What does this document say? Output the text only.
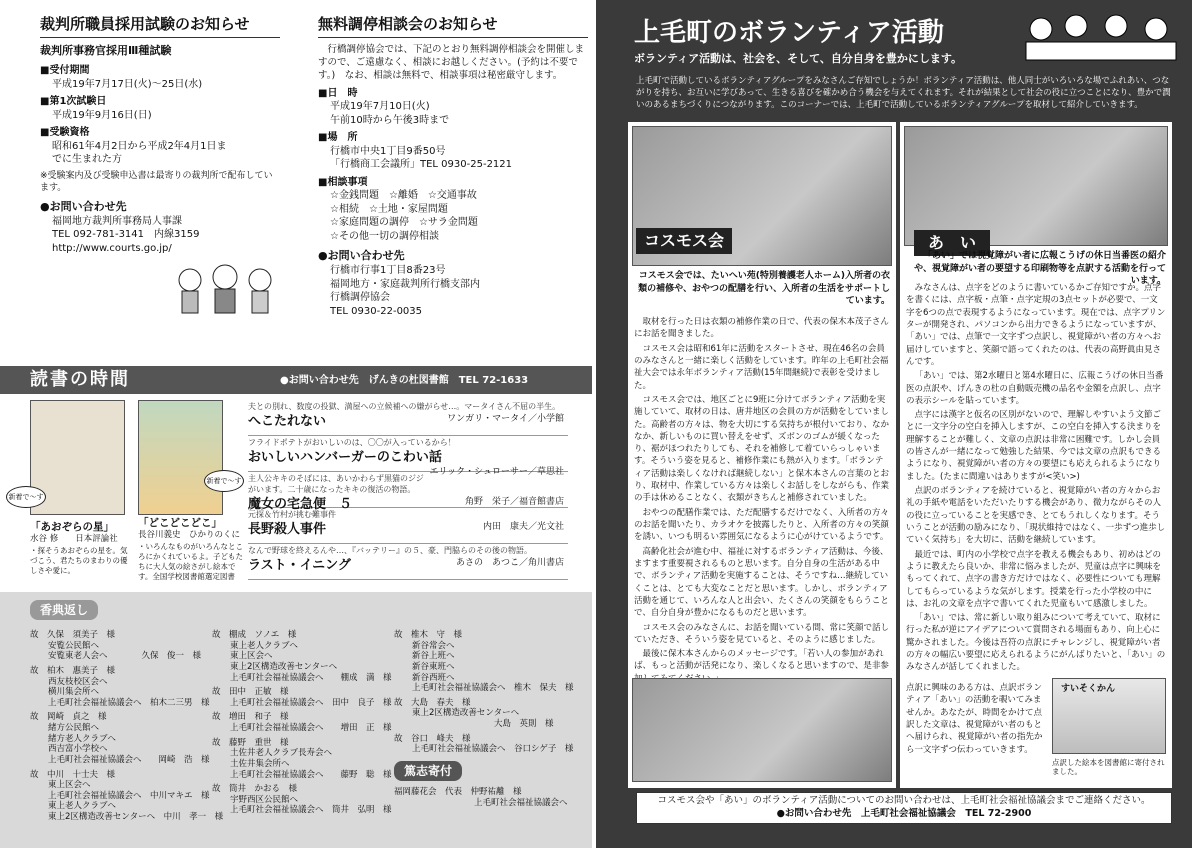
裁判所職員採用試験のお知らせ
裁判所事務官採用Ⅲ種試験
■受付期間
平成19年7月17日(火)〜25日(水)
■第1次試験日
平成19年9月16日(日)
■受験資格
昭和61年4月2日から平成2年4月1日ま
でに生まれた方
※受験案内及び受験申込書は最寄りの裁判所で配布しています。
●お問い合わせ先
福岡地方裁判所事務局人事課
TEL 092-781-3141　内線3159
http://www.courts.go.jp/
無料調停相談会のお知らせ
行橋調停協会では、下記のとおり無料調停相談会を開催しますので、ご遠慮なく、相談にお越しください。(予約は不要です。)　なお、相談は無料で、相談事項は秘密厳守します。
■日　時
平成19年7月10日(火)
午前10時から午後3時まで
■場　所
行橋市中央1丁目9番50号
「行橋商工会議所」TEL 0930-25-2121
■相談事項
☆金銭問題　☆離婚　☆交通事故
☆相続　☆土地・家屋問題
☆家庭問題の調停　☆サラ金問題
☆その他一切の調停相談
●お問い合わせ先
行橋市行事1丁目8番23号
福岡地方・家庭裁判所行橋支部内
行橋調停協会
TEL 0930-22-0035
読書の時間	●お問い合わせ先　げんきの杜図書館　TEL 72-1633
新着で〜す
新着で〜す
「あおぞらの星」
水谷 修　　日本評論社
・探そうあおぞらの星を。気づこう、君たちのまわりの優しさや愛に。
「どこどこどこ」
長谷川義史　ひかりのくに
・いろんなものがいろんなところにかくれているよ。子どもたちに大人気の絵さがし絵本です。全国学校図書館選定図書
夫との別れ、数度の投獄、満屋への立候補への嫌がらせ…。マータイさん不屈の半生。
へこたれない	ワンガリ・マータイ／小学館
フライドポテトがおいしいのは、〇〇が入っているから！
おいしいハンバーガーのこわい話
エリック・シュローサー／草思社
主人公キキのそばには、あいかわらず黒猫のジジがいます。二十歳になったキキの復活の物語。
魔女の宅急便　５	角野　栄子／福音館書店
元探＆竹村が挑む難事件
長野殺人事件	内田　康夫／光文社
なんで野球を終えるんや…、『バッテリー』の５、豪、門脇らのその後の物語。
ラスト・イニング	あさの　あつこ／角川書店
香典返し
故　久保　須美子　様
安覧公民館へ
安覧東老人会へ　　　　久保　俊一　様
故　柏木　惠美子　様
西友枝校区会へ
横川集会所へ
上毛町社会福祉協議会へ　柏木二三男　様
故　岡崎　貞之　様
緒方公民館へ
緒方老人クラブへ
西吉富小学校へ
上毛町社会福祉協議会へ　　岡崎　浩　様
故　中川　十士夫　様
東上区会へ
上毛町社会福祉協議会へ　中川マキエ　様
東上老人クラブへ
東上2区構造改善センターへ　中川　孝一　様
故　棚成　ソノエ　様
東上老人クラブへ
東上区会へ
東上2区構造改善センターへ
上毛町社会福祉協議会へ　　棚成　満　様
故　田中　正敏　様
上毛町社会福祉協議会へ　田中　良子　様
故　増田　和子　様
上毛町社会福祉協議会へ　　増田　正　様
故　藤野　重世　様
土佐井老人クラブ長寿会へ
土佐井集会所へ
上毛町社会福祉協議会へ　　藤野　聡　様
故　筒井　かおる　様
宇野西区公民館へ
上毛町社会福祉協議会へ　筒井　弘明　様
故　椎木　守　様
新谷常会へ
新谷上班へ
新谷東班へ
新谷西班へ
上毛町社会福祉協議会へ　椎木　保夫　様
故　大島　春夫　様
東上2区構造改善センターへ
大島　英則　様
故　谷口　峰夫　様
上毛町社会福祉協議会へ　谷口シゲ子　様
篤志寄付
福岡藤花会　代表　仲野祐離　様
上毛町社会福祉協議会へ
上毛町のボランティア活動
ボランティア活動は、社会を、そして、自分自身を豊かにします。
上毛町で活動しているボランティアグループをみなさんご存知でしょうか！ボランティア活動は、他人同士がいろいろな場でふれあい、つながりを持ち、お互いに学びあって、生きる喜びを確かめ合う機会を与えてくれます。それが結果として社会の役に立つことになり、豊かで潤いのあるまちづくりにつながります。このコーナーでは、上毛町で活動しているボランティアグループを取材して紹介していきます。
コスモス会
コスモス会では、たいへい苑(特別養護老人ホーム)入所者の衣類の補修や、おやつの配膳を行い、入所者の生活をサポートしています。

取材を行った日は衣類の補修作業の日で、代表の保木本茂子さんにお話を聞きました。

コスモス会は昭和61年に活動をスタートさせ、現在46名の会員のみなさんと一緒に楽しく活動をしています。昨年の上毛町社会福祉大会では永年ボランティア活動(15年間継続)で表彰を受けました。

コスモス会では、地区ごとに9班に分けてボランティア活動を実施していて、取材の日は、唐井地区の会員の方が活動をしていました。高齢者の方々は、物を大切にする気持ちが根付いており、なかなか、新しいものに買い替えをせず、ズボンのゴムが緩くなったり、裾がほつれたりしても、それを補修して着ていらっしゃいます。そういう姿を見ると、補修作業にも熱が入ります。「ボランティア活動は楽しくなければ継続しない」と保木本さんの言葉のとおり、取材中、作業している方々は楽しくお話しをしながらも、作業の手は休めることなく、衣類がきちんと補修されていました。

おやつの配膳作業では、ただ配膳するだけでなく、入所者の方々のお話を聞いたり、カラオケを披露したりと、入所者の方々の笑顔を誘い、いつも明るい雰囲気になるように心がけているようです。

高齢化社会が進む中、福祉に対するボランティア活動は、今後、ますます重要視されるものと思います。自分自身の生活がある中で、ボランティア活動を実施することは、そうですね…継続していくことは、とても大変なことだと思います。しかし、ボランティア活動を通じて、いろんな人と出会い、たくさんの笑顔をもらうことで、自分自身が豊かになるものだと思います。

コスモス会のみなさんに、お話を聞いている間、常に笑顔で話していただき、そういう姿を見ていると、そのように感じました。

最後に保木本さんからのメッセージです。「若い人の参加があれば、もっと活動が活発になり、楽しくなると思いますので、是非参

あ　い
「あい」では視覚障がい者に広報こうげの休日当番医の紹介や、視覚障がい者の要望する印刷物等を点訳する活動を行っています。

みなさんは、点字をどのように書いているかご存知ですか。点字を書くには、点字板・点筆・点字定規の3点セットが必要で、一文字を6つの点で表現するようになっています。現在では、点字プリンターが開発され、パソコンから出力できるようになっていますが、「あい」では、点筆で一文字ずつ点訳し、視覚障がい者の方々へお届けしていますと、笑顔で語ってくれたのは、代表の高野眞由見さんです。

「あい」では、第2水曜日と第4水曜日に、広報こうげの休日当番医の点訳や、げんきの杜の自動販売機の品名や金額を点訳し、点字の表示シールを貼っています。

点字には漢字と仮名の区別がないので、理解しやすいよう文節ごとに一文字分の空白を挿入しますが、この空白を挿入する決まりを理解することが難しく、文章の点訳は非常に困難です。しかし会員の皆さんが一緒になって勉強した結果、今では文章の点訳もできるようになり、視覚障がい者の方々の要望にも応えられるようになりました。(たまに間違いはありますが<笑い>)

点訳のボランティアを続けていると、視覚障がい者の方々からお礼の手紙や電話をいただいたりする機会があり、微力ながらその人の役に立っていることを実感でき、とてもうれしくなります。そういうことが活動の励みになり、「現状維持ではなく、一歩ずつ進歩していく気持ち」を大切に、活動を継続しています。

最近では、町内の小学校で点字を教える機会もあり、初めはどのように教えたら良いか、非常に悩みましたが、児童は点字に興味をもってくれて、点字の書き方だけではなく、必要性についても理解してもらっているような気がします。授業を行った小学校の中には、お礼の文章を点字で書いてくれた児童もいて感激しました。

「あい」では、常に新しい取り組みについて考えていて、取材に行った私が逆にアイデアについて質問される場面もあり、向上心に驚かされました。今後は吾符の点訳にチャレンジし、視覚障がい者の方々の幅広い要望に応えられるようにがんばりたいと、「あい」のみなさんが話してくれました。

点訳に興味のある方は、点訳ボランティア「あい」の活動を覗いてみませんか。あなたが、時間をかけて点訳した文章は、視覚障がい者のもとへ届けられ、視覚障がい者の指先から一文字ずつ伝わっていきます。
すいそくかん
点訳した絵本を図書館に寄付されました。
コスモス会や「あい」のボランティア活動についてのお問い合わせは、上毛町社会福祉協議会までご連絡ください。
●お問い合わせ先　上毛町社会福祉協議会　TEL 72-2900
